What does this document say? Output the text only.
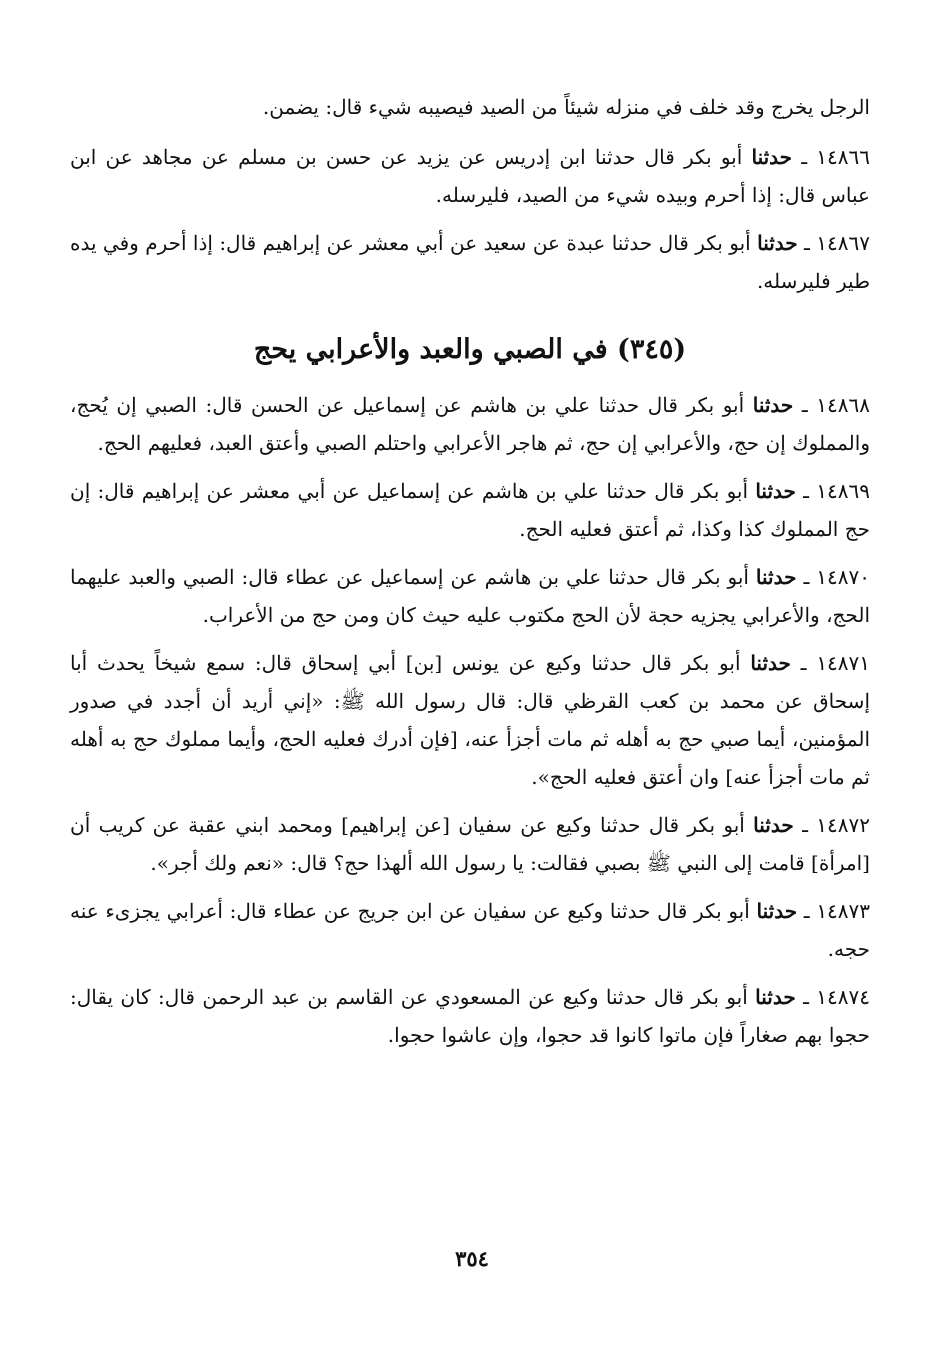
الرجل يخرج وقد خلف في منزله شيئاً من الصيد فيصيبه شيء قال: يضمن.

١٤٨٦٦ ـ حدثنا أبو بكر قال حدثنا ابن إدريس عن يزيد عن حسن بن مسلم عن مجاهد عن ابن عباس قال: إذا أحرم وبيده شيء من الصيد، فليرسله.

١٤٨٦٧ ـ حدثنا أبو بكر قال حدثنا عبدة عن سعيد عن أبي معشر عن إبراهيم قال: إذا أحرم وفي يده طير فليرسله.

(٣٤٥) في الصبي والعبد والأعرابي يحج

١٤٨٦٨ ـ حدثنا أبو بكر قال حدثنا علي بن هاشم عن إسماعيل عن الحسن قال: الصبي إن يُحج، والمملوك إن حج، والأعرابي إن حج، ثم هاجر الأعرابي واحتلم الصبي وأعتق العبد، فعليهم الحج.

١٤٨٦٩ ـ حدثنا أبو بكر قال حدثنا علي بن هاشم عن إسماعيل عن أبي معشر عن إبراهيم قال: إن حج المملوك كذا وكذا، ثم أعتق فعليه الحج.

١٤٨٧٠ ـ حدثنا أبو بكر قال حدثنا علي بن هاشم عن إسماعيل عن عطاء قال: الصبي والعبد عليهما الحج، والأعرابي يجزيه حجة لأن الحج مكتوب عليه حيث كان ومن حج من الأعراب.

١٤٨٧١ ـ حدثنا أبو بكر قال حدثنا وكيع عن يونس [بن] أبي إسحاق قال: سمع شيخاً يحدث أبا إسحاق عن محمد بن كعب القرظي قال: قال رسول الله ﷺ: «إني أريد أن أجدد في صدور المؤمنين، أيما صبي حج به أهله ثم مات أجزأ عنه، [فإن أدرك فعليه الحج، وأيما مملوك حج به أهله ثم مات أجزأ عنه] وان أعتق فعليه الحج».

١٤٨٧٢ ـ حدثنا أبو بكر قال حدثنا وكيع عن سفيان [عن إبراهيم] ومحمد ابني عقبة عن كريب أن [امرأة] قامت إلى النبي ﷺ بصبي فقالت: يا رسول الله ألهذا حج؟ قال: «نعم ولك أجر».

١٤٨٧٣ ـ حدثنا أبو بكر قال حدثنا وكيع عن سفيان عن ابن جريج عن عطاء قال: أعرابي يجزىء عنه حجه.

١٤٨٧٤ ـ حدثنا أبو بكر قال حدثنا وكيع عن المسعودي عن القاسم بن عبد الرحمن قال: كان يقال: حجوا بهم صغاراً فإن ماتوا كانوا قد حجوا، وإن عاشوا حجوا.

٣٥٤
